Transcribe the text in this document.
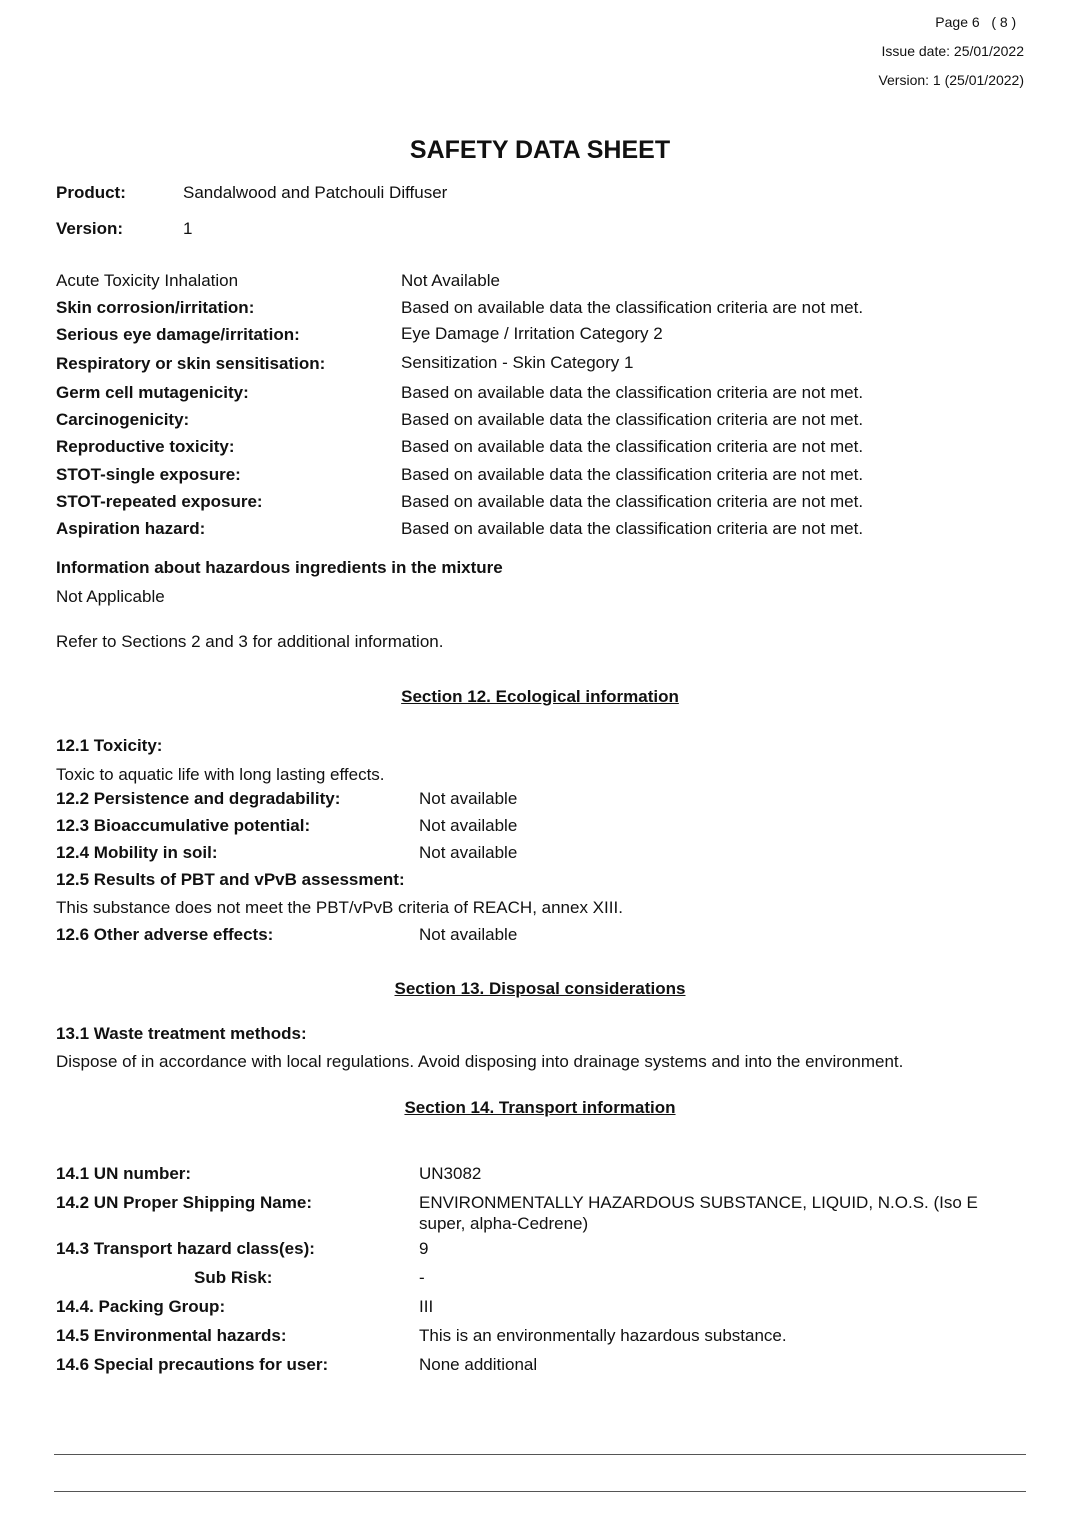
Page 6 ( 8 )
Issue date: 25/01/2022
Version: 1 (25/01/2022)
SAFETY DATA SHEET
Product:	Sandalwood and Patchouli Diffuser
Version:	1
Acute Toxicity Inhalation	Not Available
Skin corrosion/irritation:	Based on available data the classification criteria are not met.
Serious eye damage/irritation:	Eye Damage / Irritation Category 2
Respiratory or skin sensitisation:	Sensitization - Skin Category 1
Germ cell mutagenicity:	Based on available data the classification criteria are not met.
Carcinogenicity:	Based on available data the classification criteria are not met.
Reproductive toxicity:	Based on available data the classification criteria are not met.
STOT-single exposure:	Based on available data the classification criteria are not met.
STOT-repeated exposure:	Based on available data the classification criteria are not met.
Aspiration hazard:	Based on available data the classification criteria are not met.
Information about hazardous ingredients in the mixture
Not Applicable
Refer to Sections 2 and 3 for additional information.
Section 12. Ecological information
12.1 Toxicity:
Toxic to aquatic life with long lasting effects.
12.2 Persistence and degradability:	Not available
12.3 Bioaccumulative potential:	Not available
12.4 Mobility in soil:	Not available
12.5 Results of PBT and vPvB assessment:
This substance does not meet the PBT/vPvB criteria of REACH, annex XIII.
12.6 Other adverse effects:	Not available
Section 13. Disposal considerations
13.1 Waste treatment methods:
Dispose of in accordance with local regulations. Avoid disposing into drainage systems and into the environment.
Section 14. Transport information
14.1 UN number:	UN3082
14.2 UN Proper Shipping Name:	ENVIRONMENTALLY HAZARDOUS SUBSTANCE, LIQUID, N.O.S. (Iso E
super, alpha-Cedrene)
14.3 Transport hazard class(es):	9
Sub Risk:	-
14.4. Packing Group:	III
14.5 Environmental hazards:	This is an environmentally hazardous substance.
14.6 Special precautions for user:	None additional
